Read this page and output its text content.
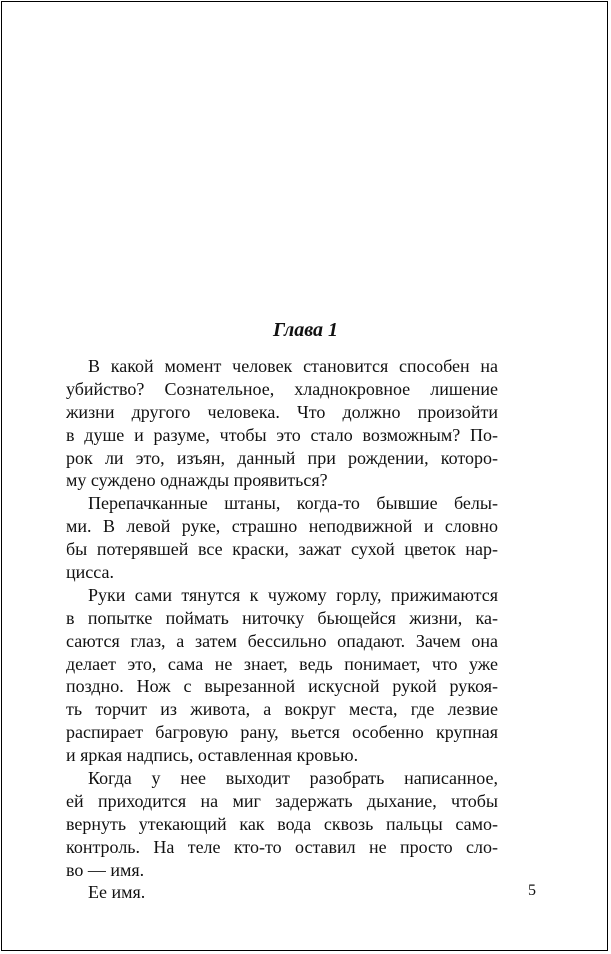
Глава 1
В какой момент человек становится способен на
убийство? Сознательное, хладнокровное лишение
жизни другого человека. Что должно произойти
в душе и разуме, чтобы это стало возможным? По-
рок ли это, изъян, данный при рождении, которо-
му суждено однажды проявиться?
Перепачканные штаны, когда-то бывшие белы-
ми. В левой руке, страшно неподвижной и словно
бы потерявшей все краски, зажат сухой цветок нар-
цисса.
Руки сами тянутся к чужому горлу, прижимаются
в попытке поймать ниточку бьющейся жизни, ка-
саются глаз, а затем бессильно опадают. Зачем она
делает это, сама не знает, ведь понимает, что уже
поздно. Нож с вырезанной искусной рукой рукоя-
ть торчит из живота, а вокруг места, где лезвие
распирает багровую рану, вьется особенно крупная
и яркая надпись, оставленная кровью.
Когда у нее выходит разобрать написанное,
ей приходится на миг задержать дыхание, чтобы
вернуть утекающий как вода сквозь пальцы само-
контроль. На теле кто-то оставил не просто сло-
во — имя.
Ее имя.	5
